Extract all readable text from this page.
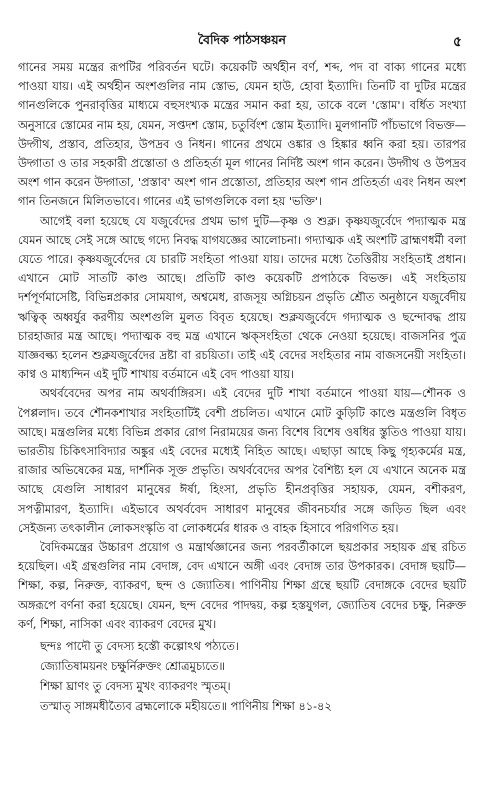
বৈদিক পাঠসঞ্চয়ন	৫

গানের সময় মন্ত্রের রূপটির পরিবর্তন ঘটে। কয়েকটি অর্থহীন বর্ণ, শব্দ, পদ বা বাক্য গানের মধ্যে পাওয়া যায়। এই অর্থহীন অংশগুলির নাম স্তোভ, যেমন হাউ, হোবা ইত্যাদি। তিনটি বা দুটির মন্ত্রের গানগুলিকে পুনরাবৃত্তির মাধ্যমে বহুসংখ্যক মন্ত্রের সমান করা হয়, তাকে বলে 'স্তোম'। বর্ধিত সংখ্যা অনুসারে স্তোমের নাম হয়, যেমন, সপ্তদশ স্তোম, চতুর্বিংশ স্তোম ইত্যাদি। মুলগানটি পাঁচভাগে বিভক্ত—উদ্গীথ, প্রস্তাব, প্রতিহার, উপদ্রব ও নিধন। গানের প্রথমে ওঙ্কার ও হিঙ্কার ধ্বনি করা হয়। তারপর উদ্গাতা ও তার সহকারী প্রস্তোতা ও প্রতিহর্তা মূল গানের নির্দিষ্ট অংশ গান করেন। উদ্গীথ ও উপদ্রব অংশ গান করেন উদ্গাতা, 'প্রস্তাব' অংশ গান প্রস্তোতা, প্রতিহার অংশ গান প্রতিহর্তা এবং নিধন অংশ গান তিনজনে মিলিতভাবে। গানের এই ভাগগুলিকে বলা হয় 'ভক্তি'।

আগেই বলা হয়েছে যে যজুর্বেদের প্রথম ভাগ দুটি—কৃষ্ণ ও শুক্ল। কৃষ্ণযজুর্বেদে পদ্যাত্মক মন্ত্র যেমন আছে সেই সঙ্গে আছে গদ্যে নিবদ্ধ যাগযজ্ঞের আলোচনা। গদ্যাত্মক এই অংশটি ব্রাহ্মণধর্মী বলা যেতে পারে। কৃষ্ণযজুর্বেদের যে চারটি সংহিতা পাওয়া যায়। তাদের মধ্যে তৈত্তিরীয় সংহিতাই প্রধান। এখানে মোট সাতটি কাণ্ড আছে। প্রতিটি কাণ্ড কয়েকটি প্রপাঠকে বিভক্ত। এই সংহিতায় দর্শপূর্ণমাসেষ্টি, বিভিন্নপ্রকার সোমযাগ, অশ্বমেধ, রাজসূয় অগ্নিচয়ন প্রভৃতি শ্রৌত অনুষ্ঠানে যজুর্বেদীয় ঋত্বিক্ অধ্বর্যুর করণীয় অংশগুলি মুলত বিবৃত হয়েছে। শুক্লযজুর্বেদে গদ্যাত্মক ও ছন্দোবদ্ধ প্রায় চারহাজার মন্ত্র আছে। পদ্যাত্মক বহু মন্ত্র এখানে ঋক্‌সংহিতা থেকে নেওয়া হয়েছে। বাজসনির পুত্র যাজ্ঞবল্ক্য হলেন শুক্লযজুর্বেদের দ্রষ্টা বা রচয়িতা। তাই এই বেদের সংহিতার নাম বাজসনেয়ী সংহিতা। কাণ্ব ও মাধ্যন্দিন এই দুটি শাখায় বর্তমানে এই বেদ পাওয়া যায়।

অথর্ববেদের অপর নাম অথর্বাঙ্গিরস। এই বেদের দুটি শাখা বর্তমানে পাওয়া যায়—শৌনক ও পৈপ্পলাদ। তবে শৌনকশাখার সংহিতাটিই বেশী প্রচলিত। এখানে মোট কুড়িটি কাণ্ডে মন্ত্রগুলি বিধৃত আছে। মন্ত্রগুলির মধ্যে বিভিন্ন প্রকার রোগ নিরাময়ের জন্য বিশেষ বিশেষ ওষধির স্তুতিও পাওয়া যায়। ভারতীয় চিকিৎসাবিদ্যার অঙ্কুর এই বেদের মধ্যেই নিহিত আছে। এছাড়া আছে কিছু গৃহ্যকর্মের মন্ত্র, রাজার অভিষেকের মন্ত্র, দার্শনিক সূক্ত প্রভৃতি। অথর্ববেদের অপর বৈশিষ্ট্য হল যে এখানে অনেক মন্ত্র আছে যেগুলি সাধারণ মানুষের ঈর্ষা, হিংসা, প্রভৃতি হীনপ্রবৃত্তির সহায়ক, যেমন, বশীকরণ, সপত্নীমারণ, ইত্যাদি। এইভাবে অথর্ববেদ সাধারণ মানুষের জীবনচর্যার সঙ্গে জড়িত ছিল এবং সেইজন্য তৎকালীন লোকসংস্কৃতি বা লোকধর্মের ধারক ও বাহক হিসাবে পরিগণিত হয়।

বৈদিকমন্ত্রের উচ্চারণ প্রয়োগ ও মন্ত্রার্থজ্ঞানের জন্য পরবর্তীকালে ছয়প্রকার সহায়ক গ্রন্থ রচিত হয়েছিল। এই গ্রন্থগুলির নাম বেদাঙ্গ, বেদ এখানে অঙ্গী এবং বেদাঙ্গ তার উপকারক। বেদাঙ্গ ছয়টি—শিক্ষা, কল্প, নিরুক্ত, ব্যাকরণ, ছন্দ ও জ্যোতিষ। পাণিনীয় শিক্ষা গ্রন্থে ছয়টি বেদাঙ্গকে বেদের ছয়টি অঙ্গরূপে বর্ণনা করা হয়েছে। যেমন, ছন্দ বেদের পাদদ্বয়, কল্প হস্তযুগল, জ্যোতিষ বেদের চক্ষু, নিরুক্ত কর্ণ, শিক্ষা, নাসিকা এবং ব্যাকরণ বেদের মুখ।

ছন্দঃ পাদৌ তু বেদস্য হস্তৌ কল্পোঽথ পঠ্যতে।
জ্যোতিষাময়নং চক্ষুর্নিরুক্তং শ্রোত্রমুচ্যতে॥
শিক্ষা ঘ্রাণং তু বেদস্য মুখং ব্যাকরণং স্মৃতম্।
তস্মাত্ সাঙ্গমধীত্যৈব ব্রহ্মলোকে মহীয়তে॥ পাণিনীয় শিক্ষা ৪১-৪২
